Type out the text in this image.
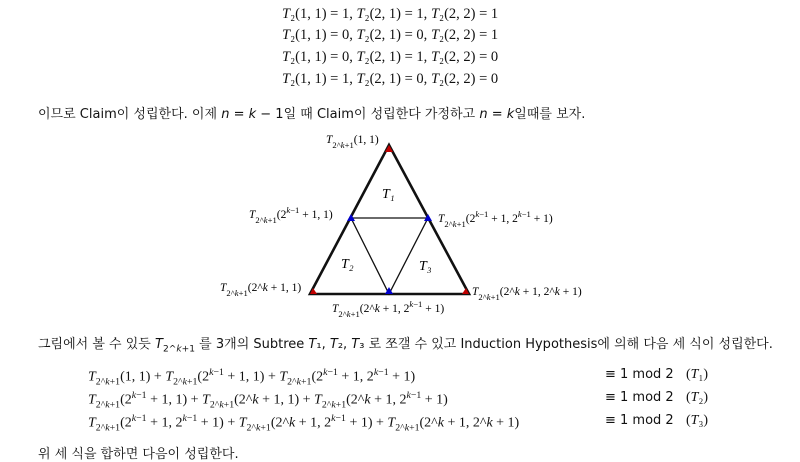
T₂(1, 1) = 1, T₂(2, 1) = 1, T₂(2, 2) = 1
T₂(1, 1) = 0, T₂(2, 1) = 0, T₂(2, 2) = 1
T₂(1, 1) = 0, T₂(2, 1) = 1, T₂(2, 2) = 0
T₂(1, 1) = 1, T₂(2, 1) = 0, T₂(2, 2) = 0
이므로 Claim이 성립한다. 이제 n = k − 1일 때 Claim이 성립한다 가정하고 n = k일때를 보자.
T₁
T₂	T₃
$T_{2\^{}k+1}(1$, 1)
$T_{2\^{}k+1}(2^{k-1} + 1$, 1)	$T_{2\^{}k+1}(2^{k-1} + 1$, $2^{k-1} + 1$)
$T_{2\^{}k+1}(2\^{}k + 1$, 1)	$T_{2\^{}k+1}(2\^{}k + 1$, 2^k + 1)
$T_{2\^{}k+1}(2\^{}k + 1$, $2^{k-1} + 1$)
그림에서 볼 수 있듯 $T_{2\^{}k+1}$ 를 3개의 Subtree T₁, T₂, T₃ 로 쪼갤 수 있고 Induction Hypothesis에 의해 다음 세 식이 성립한다.
$T_{2\^{}k+1}(1$, $1) + T_{2\^{}k+1}(2^{k-1} + 1$, $1) + T_{2\^{}k+1}(2^{k-1} + 1$, $2^{k-1} + 1$)	≡ 1 mod 2 (T₁)
$T_{2\^{}k+1}(2^{k-1} + 1$, $1) + T_{2\^{}k+1}(2\^{}k + 1$, $1) + T_{2\^{}k+1}(2\^{}k + 1$, $2^{k-1} + 1$)	≡ 1 mod 2 (T₂)
$T_{2\^{}k+1}(2^{k-1} + 1$, $2^{k-1} + 1$) + $T_{2\^{}k+1}(2\^{}k + 1$, $2^{k-1} + 1$) + $T_{2\^{}k+1}(2\^{}k + 1$, 2^k + 1)	≡ 1 mod 2 (T₃)
위 세 식을 합하면 다음이 성립한다.
